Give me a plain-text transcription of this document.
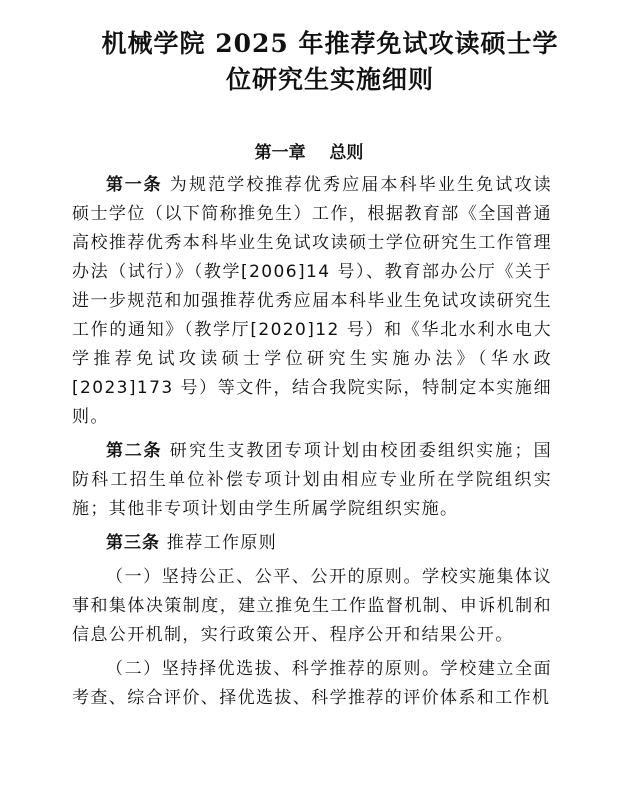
机械学院 2025 年推荐免试攻读硕士学位研究生实施细则
第一章    总则

第一条 为规范学校推荐优秀应届本科毕业生免试攻读硕士学位（以下简称推免生）工作，根据教育部《全国普通高校推荐优秀本科毕业生免试攻读硕士学位研究生工作管理办法（试行）》（教学[2006]14 号）、教育部办公厅《关于进一步规范和加强推荐优秀应届本科毕业生免试攻读研究生工作的通知》（教学厅[2020]12 号）和《华北水利水电大学推荐免试攻读硕士学位研究生实施办法》（华水政[2023]173 号）等文件，结合我院实际，特制定本实施细则。

第二条 研究生支教团专项计划由校团委组织实施；国防科工招生单位补偿专项计划由相应专业所在学院组织实施；其他非专项计划由学生所属学院组织实施。

第三条 推荐工作原则

（一）坚持公正、公平、公开的原则。学校实施集体议事和集体决策制度，建立推免生工作监督机制、申诉机制和信息公开机制，实行政策公开、程序公开和结果公开。

（二）坚持择优选拔、科学推荐的原则。学校建立全面考查、综合评价、择优选拔、科学推荐的评价体系和工作机
